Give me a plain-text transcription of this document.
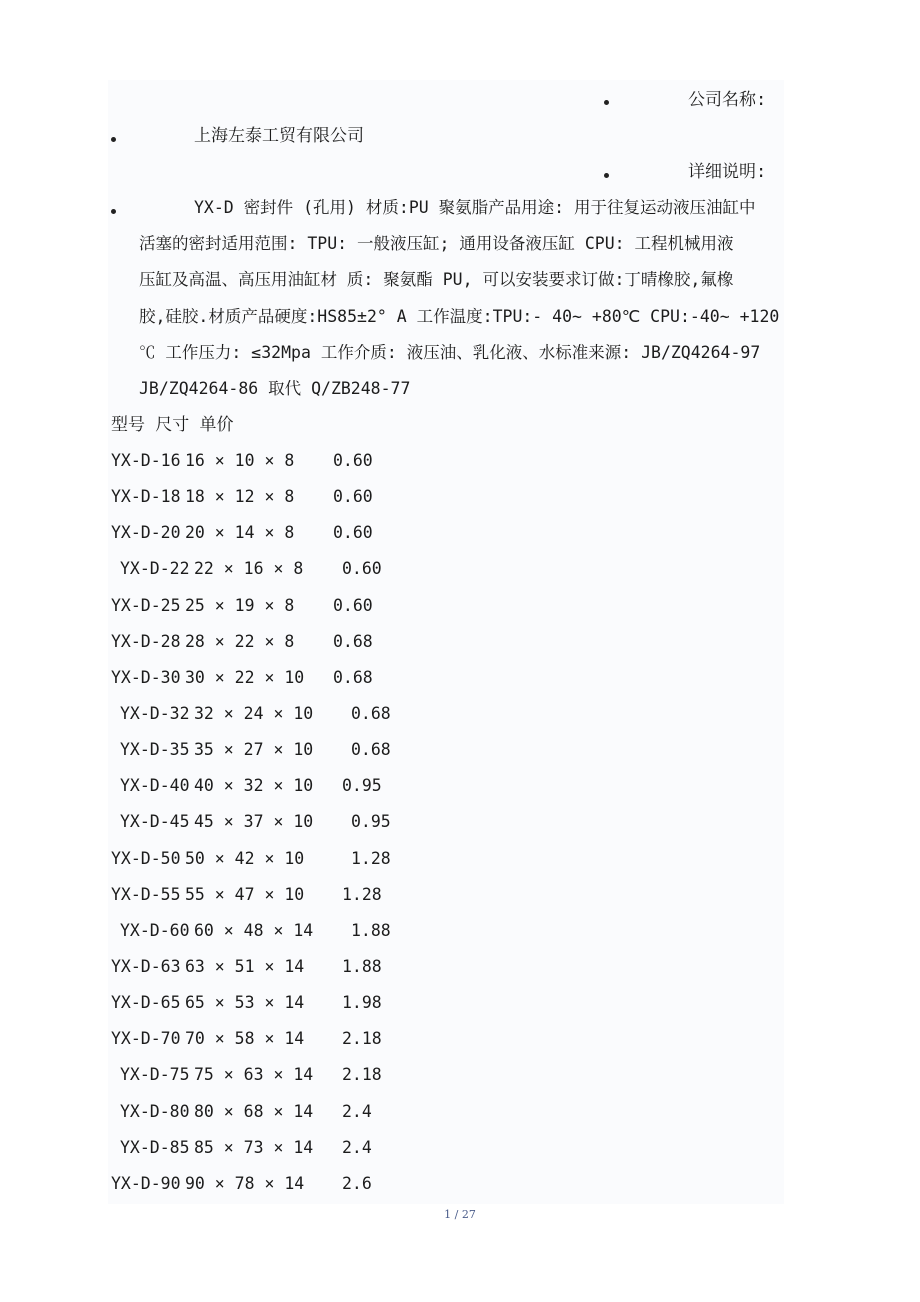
公司名称:
上海左泰工贸有限公司
详细说明:
YX-D 密封件 (孔用) 材质:PU 聚氨脂产品用途: 用于往复运动液压油缸中
活塞的密封适用范围: TPU: 一般液压缸; 通用设备液压缸 CPU: 工程机械用液
压缸及高温、高压用油缸材 质: 聚氨酯 PU, 可以安装要求订做:丁晴橡胶,氟橡
胶,硅胶.材质产品硬度:HS85±2° A 工作温度:TPU:- 40~ +80℃ CPU:-40~ +120
℃ 工作压力: ≤32Mpa 工作介质: 液压油、乳化液、水标准来源: JB/ZQ4264-97
JB/ZQ4264-86 取代 Q/ZB248-77
型号 尺寸 单价
YX-D-16 16 × 10 × 8 0.60
YX-D-18 18 × 12 × 8 0.60
YX-D-20 20 × 14 × 8 0.60
YX-D-22 22 × 16 × 8 0.60
YX-D-25 25 × 19 × 8 0.60
YX-D-28 28 × 22 × 8 0.68
YX-D-30 30 × 22 × 10 0.68
YX-D-32 32 × 24 × 10 0.68
YX-D-35 35 × 27 × 10 0.68
YX-D-40 40 × 32 × 10 0.95
YX-D-45 45 × 37 × 10 0.95
YX-D-50 50 × 42 × 10	1.28
YX-D-55 55 × 47 × 10 1.28
YX-D-60 60 × 48 × 14 1.88
YX-D-63 63 × 51 × 14 1.88
YX-D-65 65 × 53 × 14 1.98
YX-D-70 70 × 58 × 14 2.18
YX-D-75 75 × 63 × 14 2.18
YX-D-80 80 × 68 × 14 2.4
YX-D-85 85 × 73 × 14 2.4
YX-D-90 90 × 78 × 14 2.6
1 / 27
